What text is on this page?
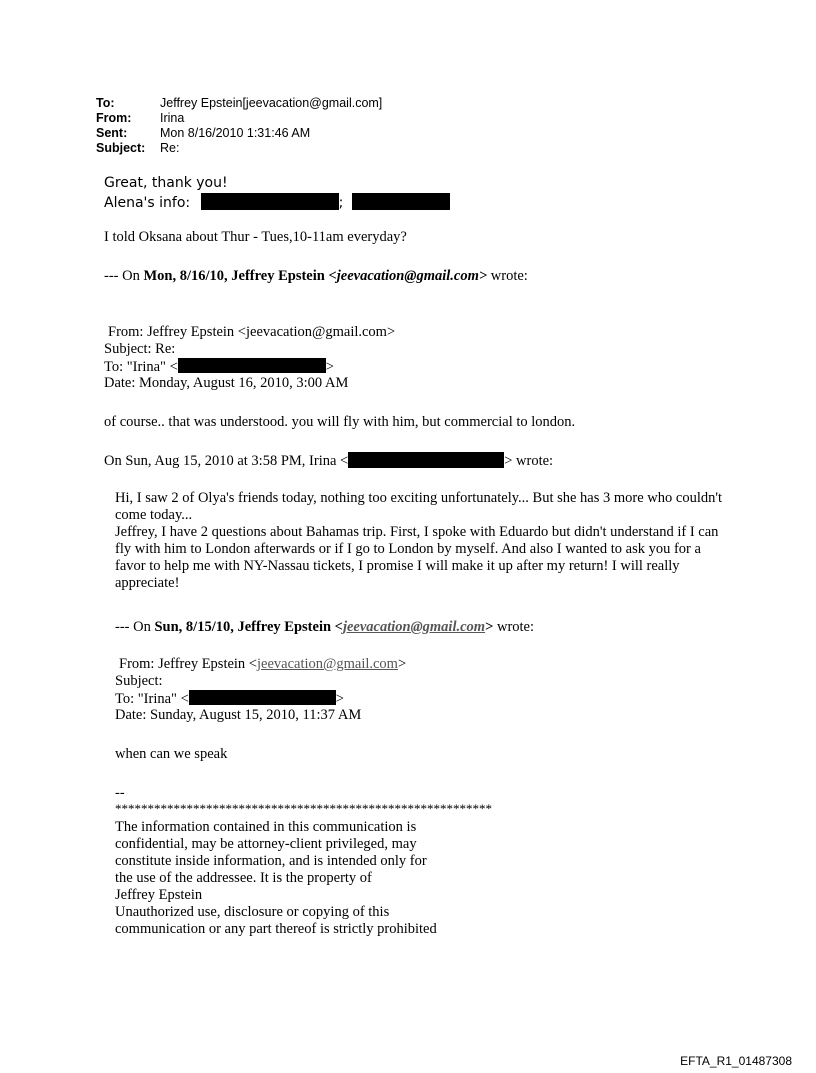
To:	Jeffrey Epstein[jeevacation@gmail.com]
From:	Irina
Sent:	Mon 8/16/2010 1:31:46 AM
Subject:	Re:
Great, thank you!
Alena's info:	;
I told Oksana about Thur - Tues,10-11am everyday?
--- On Mon, 8/16/10, Jeffrey Epstein <jeevacation@gmail.com> wrote:
From: Jeffrey Epstein <jeevacation@gmail.com>
Subject: Re:
To: "Irina" <	>
Date: Monday, August 16, 2010, 3:00 AM
of course.. that was understood. you will fly with him, but commercial to london.
On Sun, Aug 15, 2010 at 3:58 PM, Irina <	> wrote:
Hi, I saw 2 of Olya's friends today, nothing too exciting unfortunately... But she has 3 more who couldn't come today...
Jeffrey, I have 2 questions about Bahamas trip. First, I spoke with Eduardo but didn't understand if I can fly with him to London afterwards or if I go to London by myself. And also I wanted to ask you for a favor to help me with NY-Nassau tickets, I promise I will make it up after my return! I will really appreciate!
--- On Sun, 8/15/10, Jeffrey Epstein <jeevacation@gmail.com> wrote:
From: Jeffrey Epstein <jeevacation@gmail.com>
Subject:
To: "Irina" <	>
Date: Sunday, August 15, 2010, 11:37 AM
when can we speak
--
**********************************************************
The information contained in this communication is
confidential, may be attorney-client privileged, may
constitute inside information, and is intended only for
the use of the addressee. It is the property of
Jeffrey Epstein
Unauthorized use, disclosure or copying of this
communication or any part thereof is strictly prohibited
EFTA_R1_01487308
